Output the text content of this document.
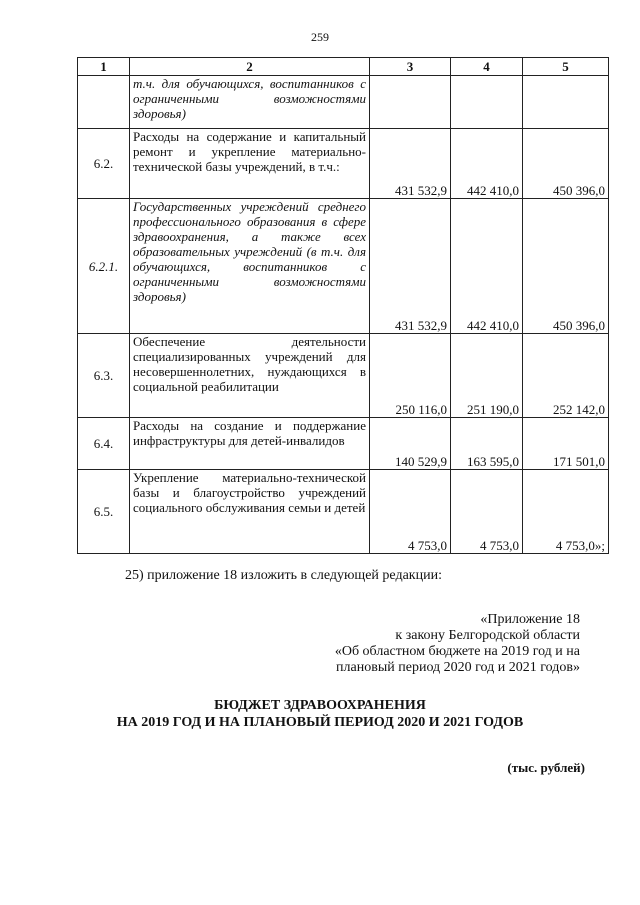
259
1	2	3	4	5
	т.ч. для обучающихся, воспитанников с ограниченными возможностями здоровья)			
6.2.	Расходы на содержание и капитальный ремонт и укрепление материально-технической базы учреждений, в т.ч.:	431 532,9	442 410,0	450 396,0
6.2.1.	Государственных учреждений среднего профессионального образования в сфере здравоохранения, а также всех образовательных учреждений (в т.ч. для обучающихся, воспитанников с ограниченными возможностями здоровья)	431 532,9	442 410,0	450 396,0
6.3.	Обеспечение деятельности специализированных учреждений для несовершеннолетних, нуждающихся в социальной реабилитации	250 116,0	251 190,0	252 142,0
6.4.	Расходы на создание и поддержание инфраструктуры для детей-инвалидов	140 529,9	163 595,0	171 501,0
6.5.	Укрепление материально-технической базы и благоустройство учреждений социального обслуживания семьи и детей	4 753,0	4 753,0	4 753,0»;
25) приложение 18 изложить в следующей редакции:
«Приложение 18
к закону Белгородской области
«Об областном бюджете на 2019 год и на
плановый период 2020 год и 2021 годов»
БЮДЖЕТ ЗДРАВООХРАНЕНИЯ
НА 2019 ГОД И НА ПЛАНОВЫЙ ПЕРИОД 2020 И 2021 ГОДОВ
(тыс. рублей)
